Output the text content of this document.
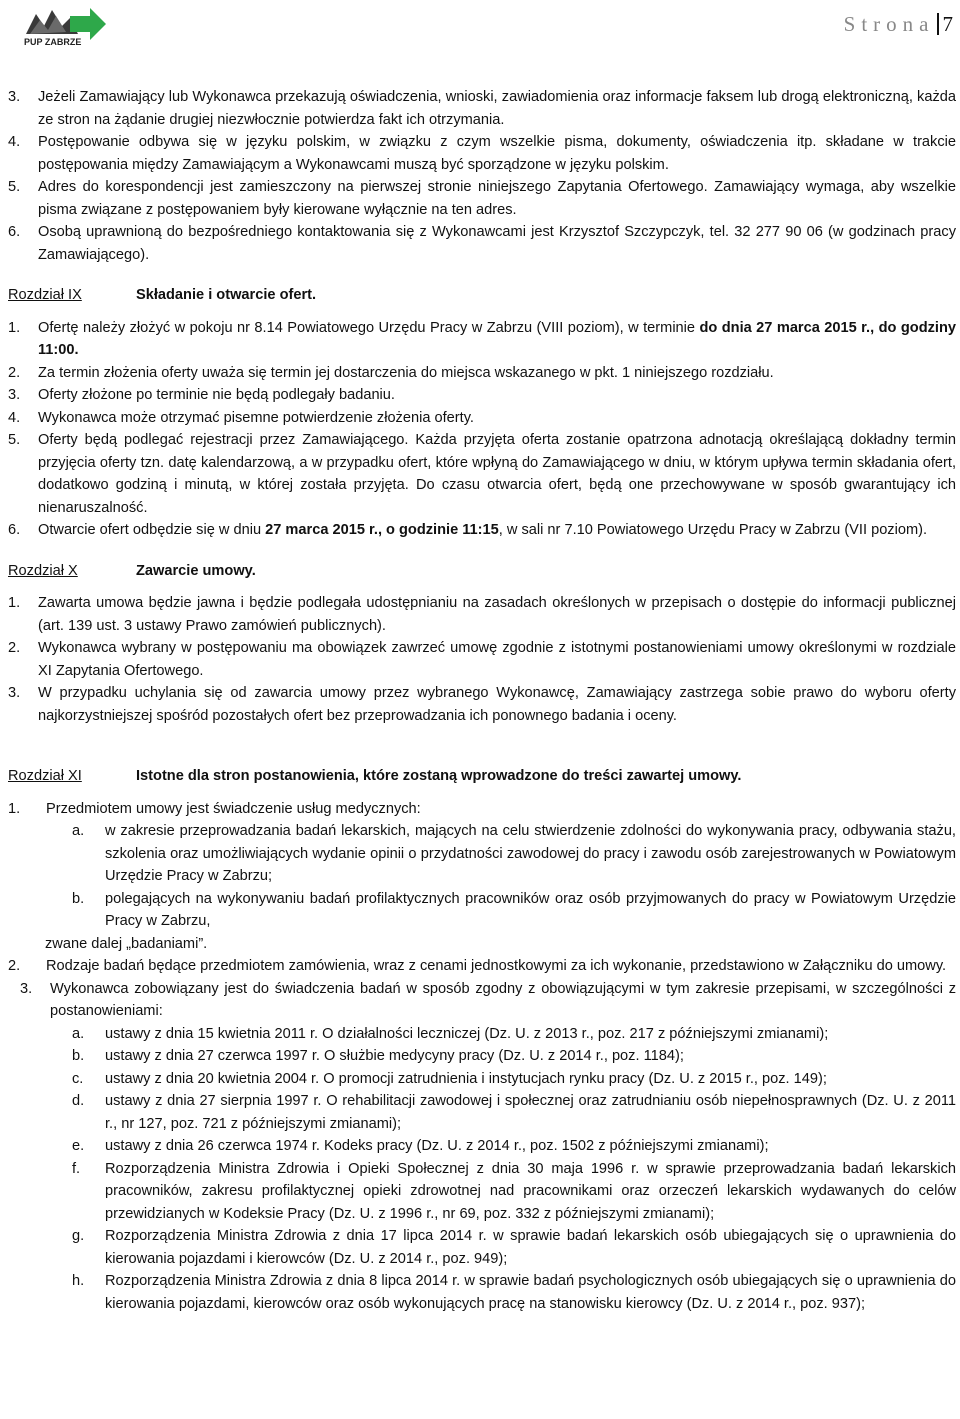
PUP ZABRZE
Strona 7
3. Jeżeli Zamawiający lub Wykonawca przekazują oświadczenia, wnioski, zawiadomienia oraz informacje faksem lub drogą elektroniczną, każda ze stron na żądanie drugiej niezwłocznie potwierdza fakt ich otrzymania.
4. Postępowanie odbywa się w języku polskim, w związku z czym wszelkie pisma, dokumenty, oświadczenia itp. składane w trakcie postępowania między Zamawiającym a Wykonawcami muszą być sporządzone w języku polskim.
5. Adres do korespondencji jest zamieszczony na pierwszej stronie niniejszego Zapytania Ofertowego. Zamawiający wymaga, aby wszelkie pisma związane z postępowaniem były kierowane wyłącznie na ten adres.
6. Osobą uprawnioną do bezpośredniego kontaktowania się z Wykonawcami jest Krzysztof Szczypczyk, tel. 32 277 90 06 (w godzinach pracy Zamawiającego).
Rozdział IX	Składanie i otwarcie ofert.
1. Ofertę należy złożyć w pokoju nr 8.14 Powiatowego Urzędu Pracy w Zabrzu (VIII poziom), w terminie do dnia 27 marca 2015 r., do godziny 11:00.
2. Za termin złożenia oferty uważa się termin jej dostarczenia do miejsca wskazanego w pkt. 1 niniejszego rozdziału.
3. Oferty złożone po terminie nie będą podlegały badaniu.
4. Wykonawca może otrzymać pisemne potwierdzenie złożenia oferty.
5. Oferty będą podlegać rejestracji przez Zamawiającego. Każda przyjęta oferta zostanie opatrzona adnotacją określającą dokładny termin przyjęcia oferty tzn. datę kalendarzową, a w przypadku ofert, które wpłyną do Zamawiającego w dniu, w którym upływa termin składania ofert, dodatkowo godziną i minutą, w której została przyjęta. Do czasu otwarcia ofert, będą one przechowywane w sposób gwarantujący ich nienaruszalność.
6. Otwarcie ofert odbędzie się w dniu 27 marca 2015 r., o godzinie 11:15, w sali nr 7.10 Powiatowego Urzędu Pracy w Zabrzu (VII poziom).
Rozdział X	Zawarcie umowy.
1. Zawarta umowa będzie jawna i będzie podlegała udostępnianiu na zasadach określonych w przepisach o dostępie do informacji publicznej (art. 139 ust. 3 ustawy Prawo zamówień publicznych).
2. Wykonawca wybrany w postępowaniu ma obowiązek zawrzeć umowę zgodnie z istotnymi postanowieniami umowy określonymi w rozdziale XI Zapytania Ofertowego.
3. W przypadku uchylania się od zawarcia umowy przez wybranego Wykonawcę, Zamawiający zastrzega sobie prawo do wyboru oferty najkorzystniejszej spośród pozostałych ofert bez przeprowadzania ich ponownego badania i oceny.
Rozdział XI	Istotne dla stron postanowienia, które zostaną wprowadzone do treści zawartej umowy.
1. Przedmiotem umowy jest świadczenie usług medycznych:
a. w zakresie przeprowadzania badań lekarskich, mających na celu stwierdzenie zdolności do wykonywania pracy, odbywania stażu, szkolenia oraz umożliwiających wydanie opinii o przydatności zawodowej do pracy i zawodu osób zarejestrowanych w Powiatowym Urzędzie Pracy w Zabrzu;
b. polegających na wykonywaniu badań profilaktycznych pracowników oraz osób przyjmowanych do pracy w Powiatowym Urzędzie Pracy w Zabrzu,

zwane dalej „badaniami”.

2. Rodzaje badań będące przedmiotem zamówienia, wraz z cenami jednostkowymi za ich wykonanie, przedstawiono w Załączniku do umowy.
3. Wykonawca zobowiązany jest do świadczenia badań w sposób zgodny z obowiązującymi w tym zakresie przepisami, w szczególności z postanowieniami:
a. ustawy z dnia 15 kwietnia 2011 r. O działalności leczniczej (Dz. U. z 2013 r., poz. 217 z późniejszymi zmianami);
b. ustawy z dnia 27 czerwca 1997 r. O służbie medycyny pracy (Dz. U. z 2014 r., poz. 1184);
c. ustawy z dnia 20 kwietnia 2004 r. O promocji zatrudnienia i instytucjach rynku pracy (Dz. U. z 2015 r., poz. 149);
d. ustawy z dnia 27 sierpnia 1997 r. O rehabilitacji zawodowej i społecznej oraz zatrudnianiu osób niepełnosprawnych (Dz. U. z 2011 r., nr 127, poz. 721 z późniejszymi zmianami);
e. ustawy z dnia 26 czerwca 1974 r. Kodeks pracy (Dz. U. z 2014 r., poz. 1502 z późniejszymi zmianami);
f. Rozporządzenia Ministra Zdrowia i Opieki Społecznej z dnia 30 maja 1996 r. w sprawie przeprowadzania badań lekarskich pracowników, zakresu profilaktycznej opieki zdrowotnej nad pracownikami oraz orzeczeń lekarskich wydawanych do celów przewidzianych w Kodeksie Pracy (Dz. U. z 1996 r., nr 69, poz. 332 z późniejszymi zmianami);
g. Rozporządzenia Ministra Zdrowia z dnia 17 lipca 2014 r. w sprawie badań lekarskich osób ubiegających się o uprawnienia do kierowania pojazdami i kierowców (Dz. U. z 2014 r., poz. 949);
h. Rozporządzenia Ministra Zdrowia z dnia 8 lipca 2014 r. w sprawie badań psychologicznych osób ubiegających się o uprawnienia do kierowania pojazdami, kierowców oraz osób wykonujących pracę na stanowisku kierowcy (Dz. U. z 2014 r., poz. 937);
